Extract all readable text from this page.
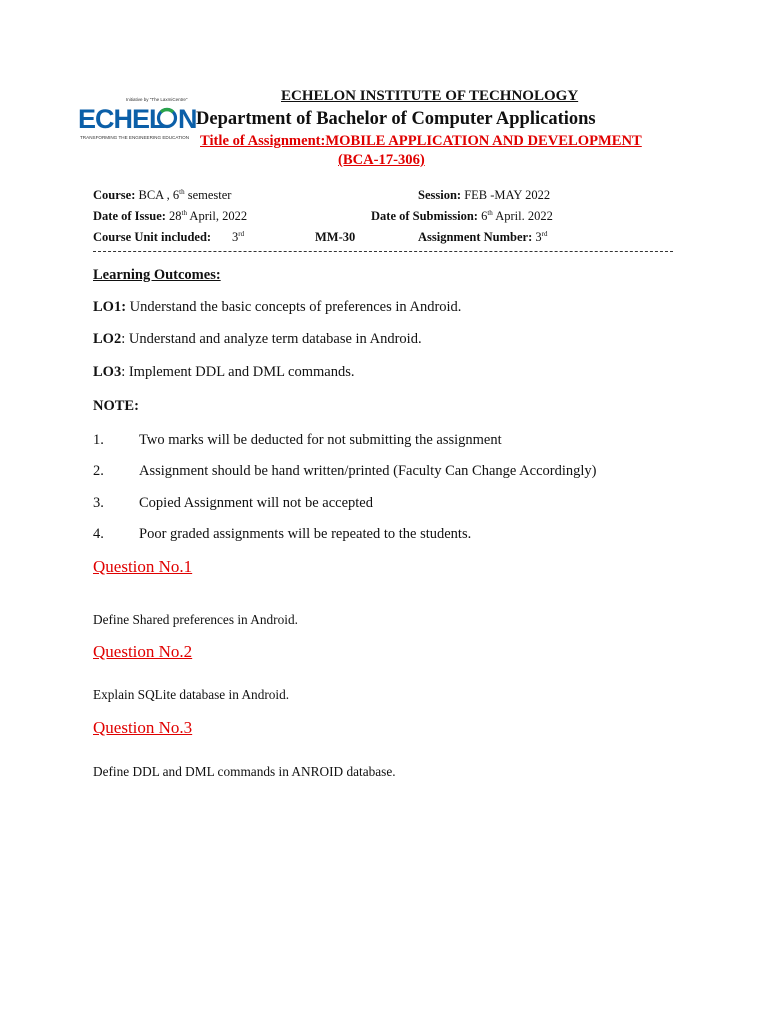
Initiative by "The LaxmiCentre"
ECHEL N
TRANSFORMING THE ENGINEERING EDUCATION
ECHELON INSTITUTE OF TECHNOLOGY
Department of Bachelor of Computer Applications
Title of Assignment:MOBILE APPLICATION AND DEVELOPMENT
(BCA-17-306)
Course: BCA , 6th semester	Session: FEB -MAY 2022
Date of Issue: 28th April, 2022	Date of Submission: 6th April. 2022
Course Unit included: 3rd	MM-30	Assignment Number: 3rd
Learning Outcomes:
LO1: Understand the basic concepts of preferences in Android.
LO2: Understand and analyze term database in Android.
LO3: Implement DDL and DML commands.
NOTE:
1. Two marks will be deducted for not submitting the assignment
2. Assignment should be hand written/printed (Faculty Can Change Accordingly)
3. Copied Assignment will not be accepted
4. Poor graded assignments will be repeated to the students.
Question No.1
Define Shared preferences in Android.
Question No.2
Explain SQLite database in Android.
Question No.3
Define DDL and DML commands in ANROID database.
